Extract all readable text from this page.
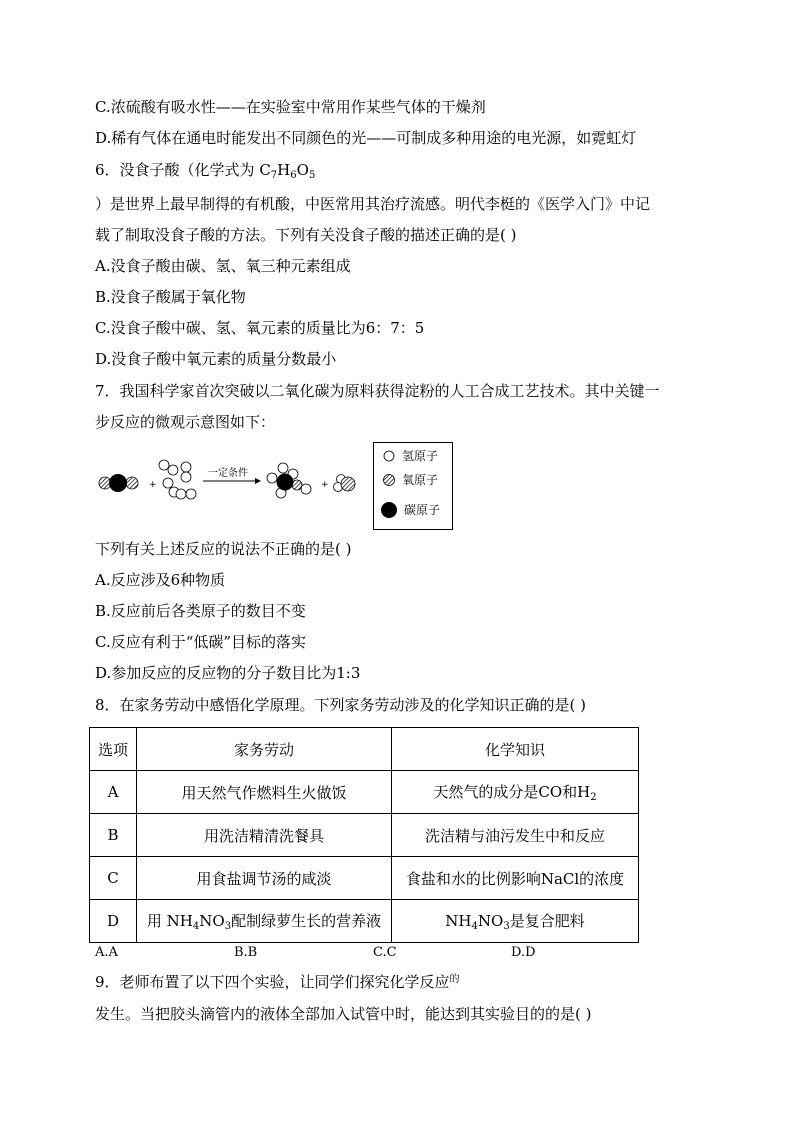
C.浓硫酸有吸水性——在实验室中常用作某些气体的干燥剂
D.稀有气体在通电时能发出不同颜色的光——可制成多种用途的电光源，如霓虹灯
6．没食子酸（化学式为 $C_7H_6O_5$
）是世界上最早制得的有机酸，中医常用其治疗流感。明代李梃的《医学入门》中记
载了制取没食子酸的方法。下列有关没食子酸的描述正确的是( )
A.没食子酸由碳、氢、氧三种元素组成
B.没食子酸属于氧化物
C.没食子酸中碳、氢、氧元素的质量比为6：7：5
D.没食子酸中氧元素的质量分数最小
7．我国科学家首次突破以二氧化碳为原料获得淀粉的人工合成工艺技术。其中关键一
步反应的微观示意图如下：
+
一定条件
+
氢原子
氧原子
碳原子
下列有关上述反应的说法不正确的是( )
A.反应涉及6种物质
B.反应前后各类原子的数目不变
C.反应有利于“低碳”目标的落实
D.参加反应的反应物的分子数目比为1:3
8．在家务劳动中感悟化学原理。下列家务劳动涉及的化学知识正确的是( )
选项	家务劳动	化学知识
A	用天然气作燃料生火做饭	天然气的成分是CO和$H_2$
B	用洗洁精清洗餐具	洗洁精与油污发生中和反应
C	用食盐调节汤的咸淡	食盐和水的比例影响NaCl的浓度
D	用 $NH_4NO_3$配制绿萝生长的营养液	$NH_4NO_3$是复合肥料
A.A	B.B	C.C	D.D
9．老师布置了以下四个实验，让同学们探究化学反应$^的$
发生。当把胶头滴管内的液体全部加入试管中时，能达到其实验目的的是( )
